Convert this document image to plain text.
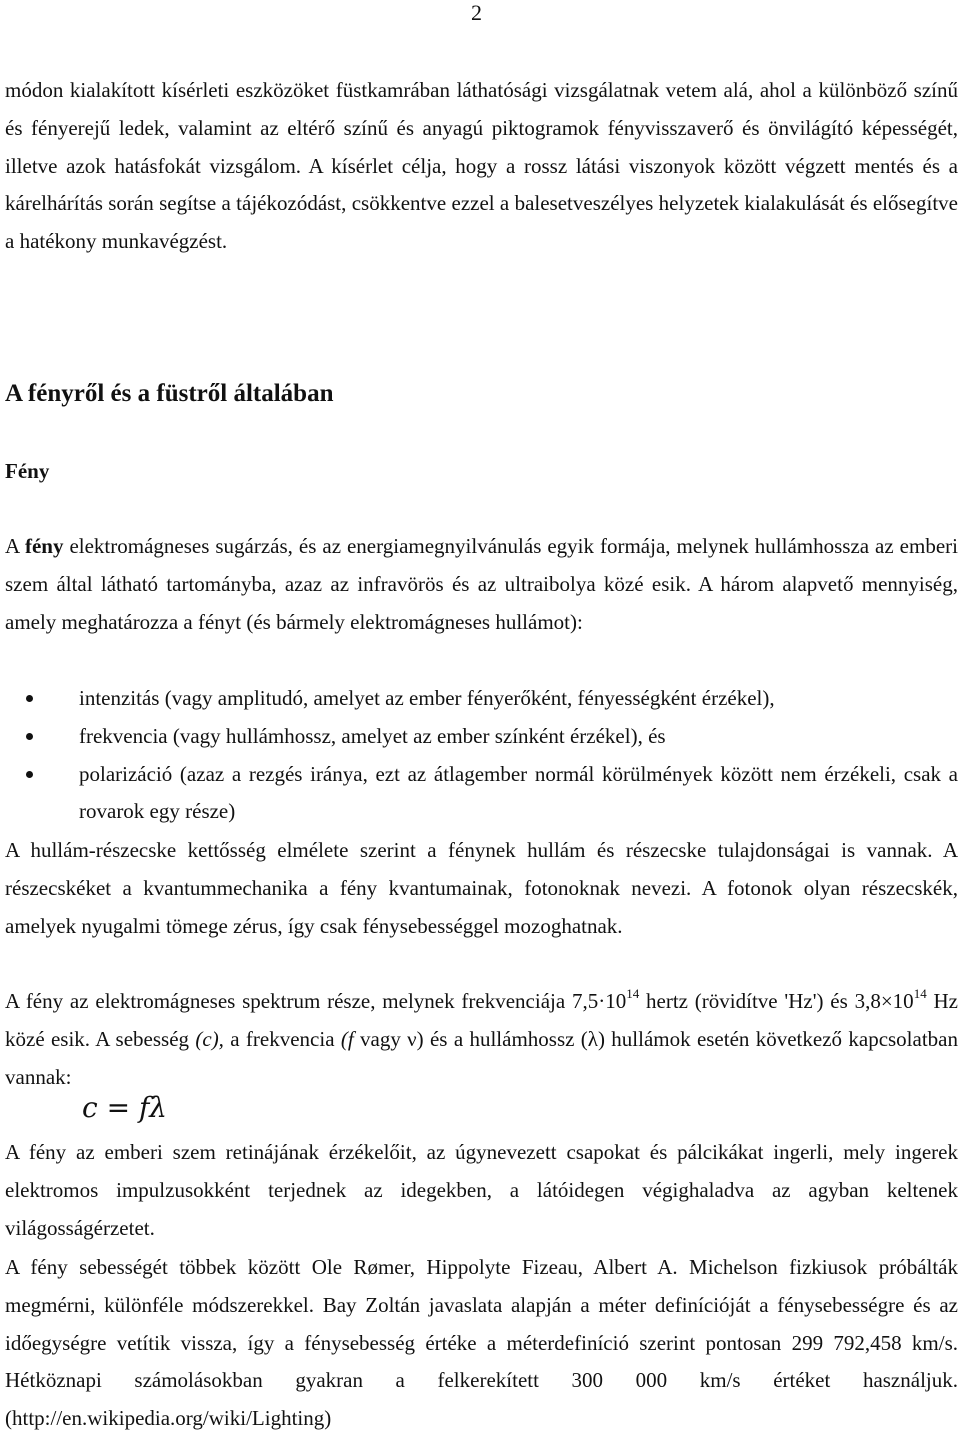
2

módon kialakított kísérleti eszközöket füstkamrában láthatósági vizsgálatnak vetem alá, ahol a különböző színű és fényerejű ledek, valamint az eltérő színű és anyagú piktogramok fényvisszaverő és önvilágító képességét, illetve azok hatásfokát vizsgálom. A kísérlet célja, hogy a rossz látási viszonyok között végzett mentés és a kárelhárítás során segítse a tájékozódást, csökkentve ezzel a balesetveszélyes helyzetek kialakulását és elősegítve a hatékony munkavégzést.

A fényről és a füstről általában
Fény

A fény elektromágneses sugárzás, és az energiamegnyilvánulás egyik formája, melynek hullámhossza az emberi szem által látható tartományba, azaz az infravörös és az ultraibolya közé esik. A három alapvető mennyiség, amely meghatározza a fényt (és bármely elektromágneses hullámot):

intenzitás (vagy amplitudó, amelyet az ember fényerőként, fényességként érzékel),
frekvencia (vagy hullámhossz, amelyet az ember színként érzékel), és
polarizáció (azaz a rezgés iránya, ezt az átlagember normál körülmények között nem érzékeli, csak a rovarok egy része)

A hullám-részecske kettősség elmélete szerint a fénynek hullám és részecske tulajdonságai is vannak. A részecskéket a kvantummechanika a fény kvantumainak, fotonoknak nevezi. A fotonok olyan részecskék, amelyek nyugalmi tömege zérus, így csak fénysebességgel mozoghatnak.

A fény az elektromágneses spektrum része, melynek frekvenciája $7,5\cdot 10^{14}$ hertz (rövidítve 'Hz') és $3,8\times 10^{14}$ Hz közé esik. A sebesség (c), a frekvencia (f vagy ν) és a hullámhossz (λ) hullámok esetén következő kapcsolatban vannak:

c = fλ

A fény az emberi szem retinájának érzékelőit, az úgynevezett csapokat és pálcikákat ingerli, mely ingerek elektromos impulzusokként terjednek az idegekben, a látóidegen végighaladva az agyban keltenek világosságérzetet.

A fény sebességét többek között Ole Rømer, Hippolyte Fizeau, Albert A. Michelson fizkiusok próbálták megmérni, különféle módszerekkel. Bay Zoltán javaslata alapján a méter definícióját a fénysebességre és az időegységre vetítik vissza, így a fénysebesség értéke a méterdefiníció szerint pontosan 299 792,458 km/s. Hétköznapi számolásokban gyakran a felkerekített 300 000 km/s értéket használjuk. (http://en.wikipedia.org/wiki/Lighting)
